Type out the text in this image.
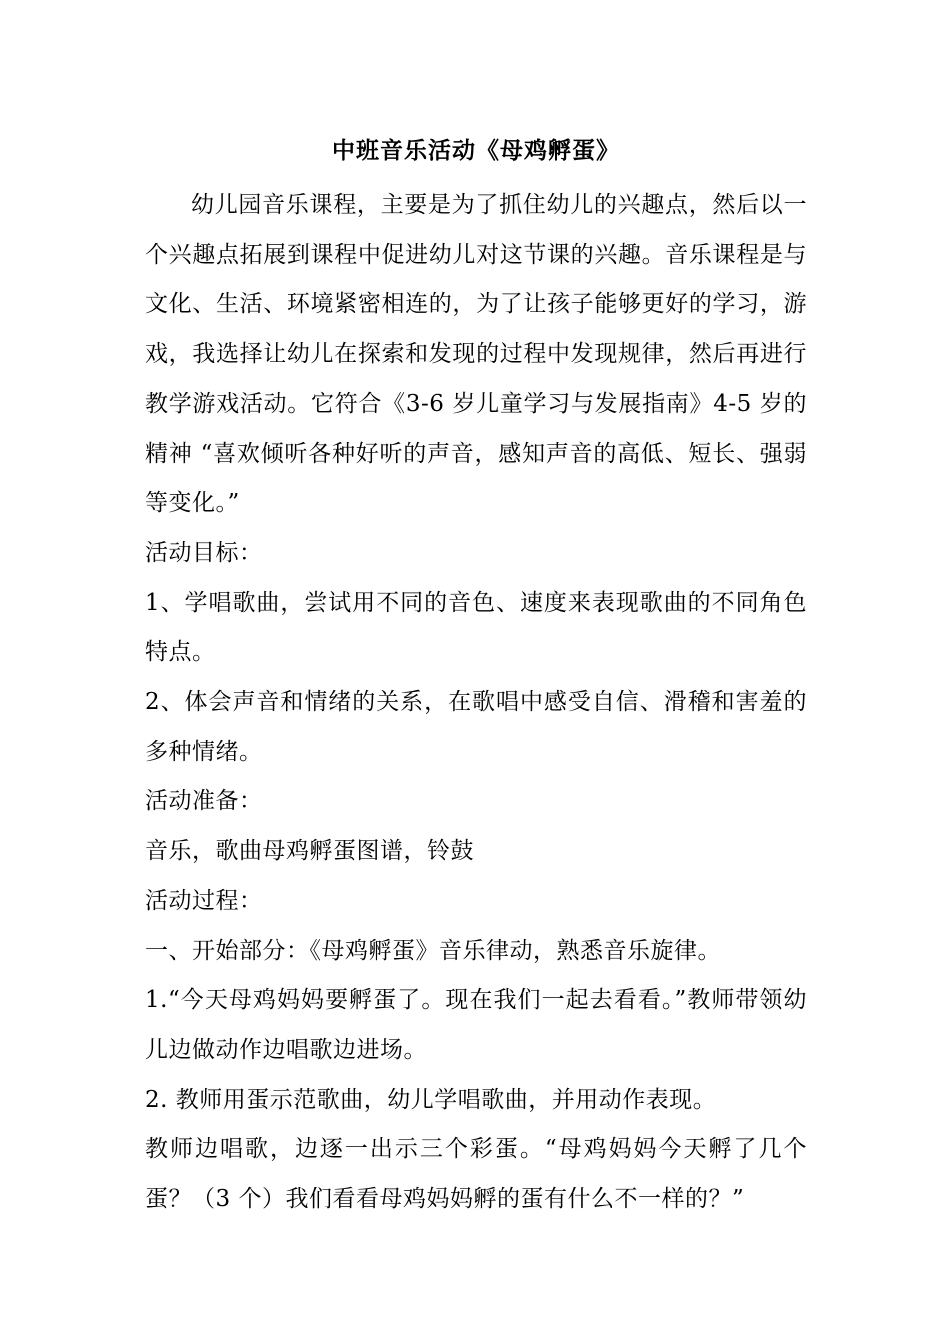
中班音乐活动《母鸡孵蛋》

幼儿园音乐课程，主要是为了抓住幼儿的兴趣点，然后以一个兴趣点拓展到课程中促进幼儿对这节课的兴趣。音乐课程是与文化、生活、环境紧密相连的，为了让孩子能够更好的学习，游戏，我选择让幼儿在探索和发现的过程中发现规律，然后再进行教学游戏活动。它符合《3-6 岁儿童学习与发展指南》4-5 岁的精神 “喜欢倾听各种好听的声音，感知声音的高低、短长、强弱等变化。”

活动目标：

1、学唱歌曲，尝试用不同的音色、速度来表现歌曲的不同角色特点。

2、体会声音和情绪的关系，在歌唱中感受自信、滑稽和害羞的多种情绪。

活动准备：

音乐，歌曲母鸡孵蛋图谱，铃鼓

活动过程：

一、开始部分：《母鸡孵蛋》音乐律动，熟悉音乐旋律。

1.“今天母鸡妈妈要孵蛋了。现在我们一起去看看。”教师带领幼儿边做动作边唱歌边进场。

2. 教师用蛋示范歌曲，幼儿学唱歌曲，并用动作表现。

教师边唱歌，边逐一出示三个彩蛋。“母鸡妈妈今天孵了几个蛋？（3 个）我们看看母鸡妈妈孵的蛋有什么不一样的？”
